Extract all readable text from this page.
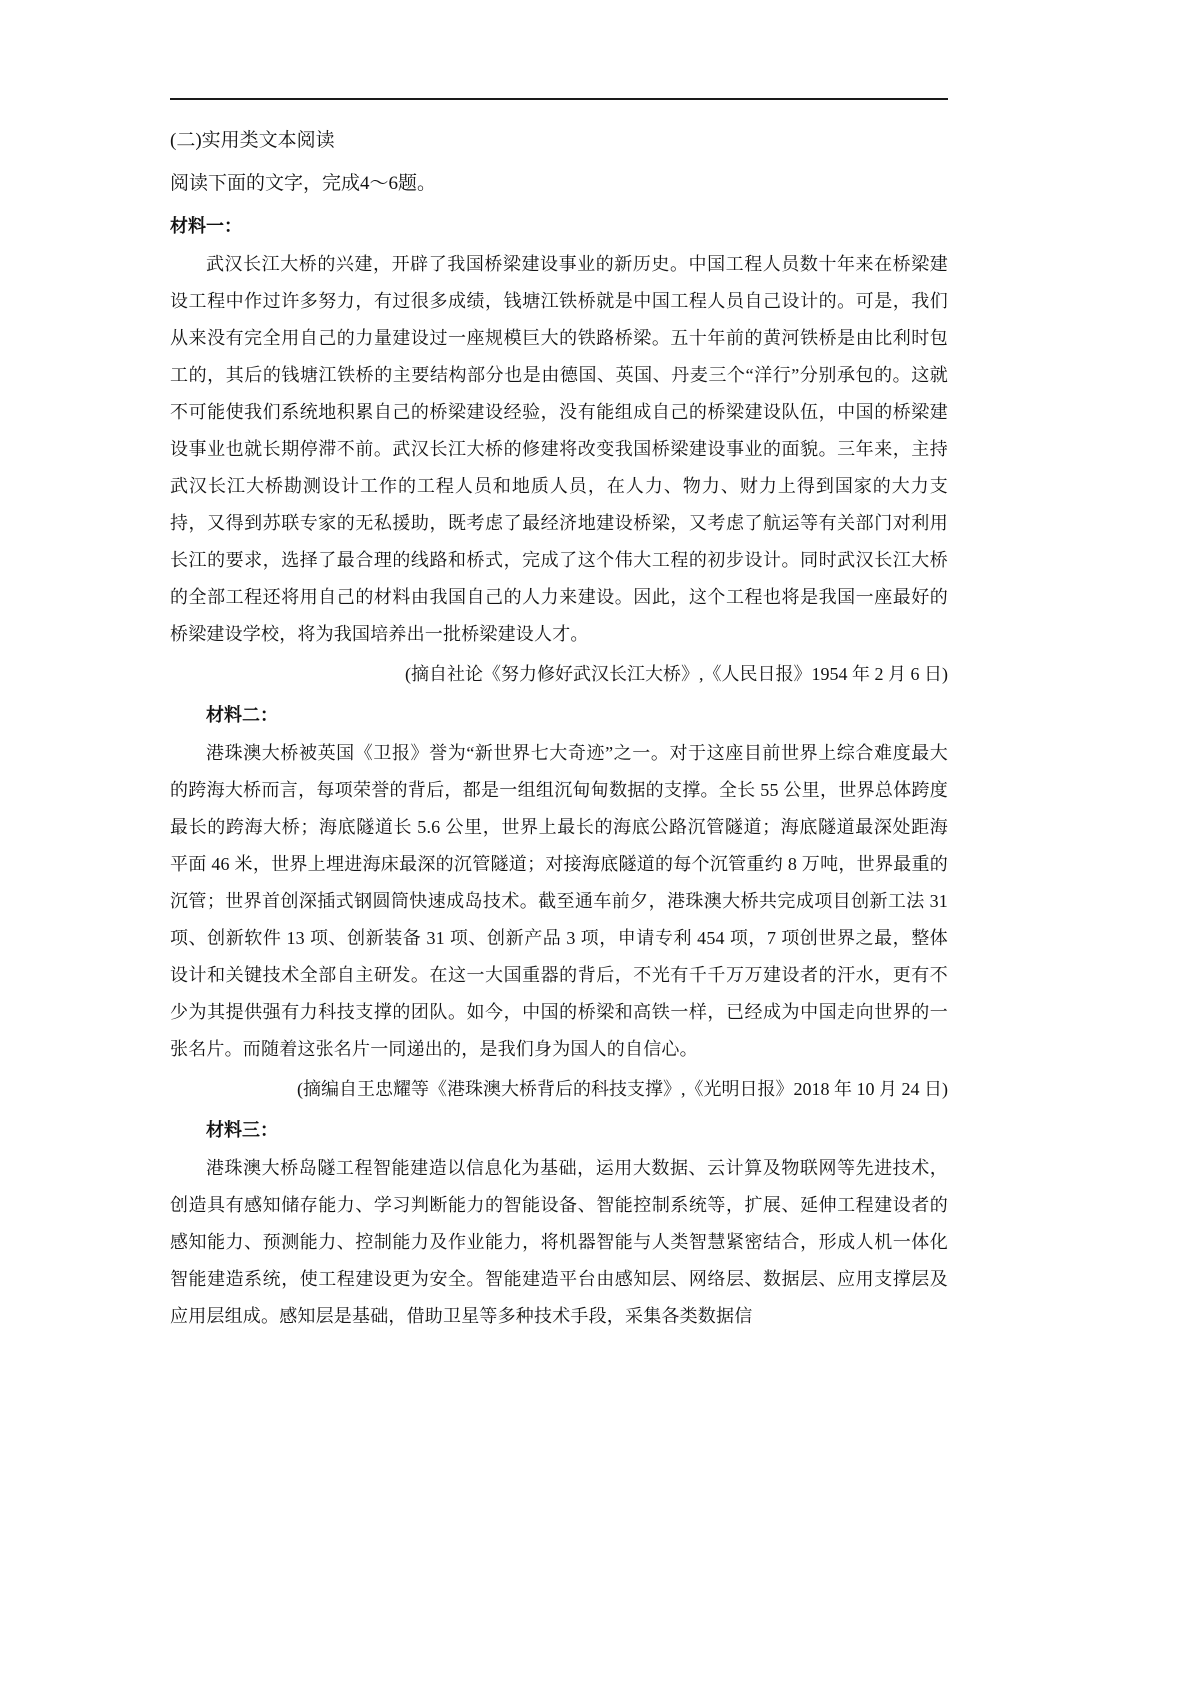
(二)实用类文本阅读
阅读下面的文字，完成4～6题。
材料一：
武汉长江大桥的兴建，开辟了我国桥梁建设事业的新历史。中国工程人员数十年来在桥梁建设工程中作过许多努力，有过很多成绩，钱塘江铁桥就是中国工程人员自己设计的。可是，我们从来没有完全用自己的力量建设过一座规模巨大的铁路桥梁。五十年前的黄河铁桥是由比利时包工的，其后的钱塘江铁桥的主要结构部分也是由德国、英国、丹麦三个“洋行”分别承包的。这就不可能使我们系统地积累自己的桥梁建设经验，没有能组成自己的桥梁建设队伍，中国的桥梁建设事业也就长期停滞不前。武汉长江大桥的修建将改变我国桥梁建设事业的面貌。三年来，主持武汉长江大桥勘测设计工作的工程人员和地质人员，在人力、物力、财力上得到国家的大力支持，又得到苏联专家的无私援助，既考虑了最经济地建设桥梁，又考虑了航运等有关部门对利用长江的要求，选择了最合理的线路和桥式，完成了这个伟大工程的初步设计。同时武汉长江大桥的全部工程还将用自己的材料由我国自己的人力来建设。因此，这个工程也将是我国一座最好的桥梁建设学校，将为我国培养出一批桥梁建设人才。
(摘自社论《努力修好武汉长江大桥》,《人民日报》1954 年 2 月 6 日)
材料二：
港珠澳大桥被英国《卫报》誉为“新世界七大奇迹”之一。对于这座目前世界上综合难度最大的跨海大桥而言，每项荣誉的背后，都是一组组沉甸甸数据的支撑。全长 55 公里，世界总体跨度最长的跨海大桥；海底隧道长 5.6 公里，世界上最长的海底公路沉管隧道；海底隧道最深处距海平面 46 米，世界上埋进海床最深的沉管隧道；对接海底隧道的每个沉管重约 8 万吨，世界最重的沉管；世界首创深插式钢圆筒快速成岛技术。截至通车前夕，港珠澳大桥共完成项目创新工法 31 项、创新软件 13 项、创新装备 31 项、创新产品 3 项，申请专利 454 项，7 项创世界之最，整体设计和关键技术全部自主研发。在这一大国重器的背后，不光有千千万万建设者的汗水，更有不少为其提供强有力科技支撑的团队。如今，中国的桥梁和高铁一样，已经成为中国走向世界的一张名片。而随着这张名片一同递出的，是我们身为国人的自信心。
(摘编自王忠耀等《港珠澳大桥背后的科技支撑》,《光明日报》2018 年 10 月 24 日)
材料三：
港珠澳大桥岛隧工程智能建造以信息化为基础，运用大数据、云计算及物联网等先进技术，创造具有感知储存能力、学习判断能力的智能设备、智能控制系统等，扩展、延伸工程建设者的感知能力、预测能力、控制能力及作业能力，将机器智能与人类智慧紧密结合，形成人机一体化智能建造系统，使工程建设更为安全。智能建造平台由感知层、网络层、数据层、应用支撑层及应用层组成。感知层是基础，借助卫星等多种技术手段，采集各类数据信
